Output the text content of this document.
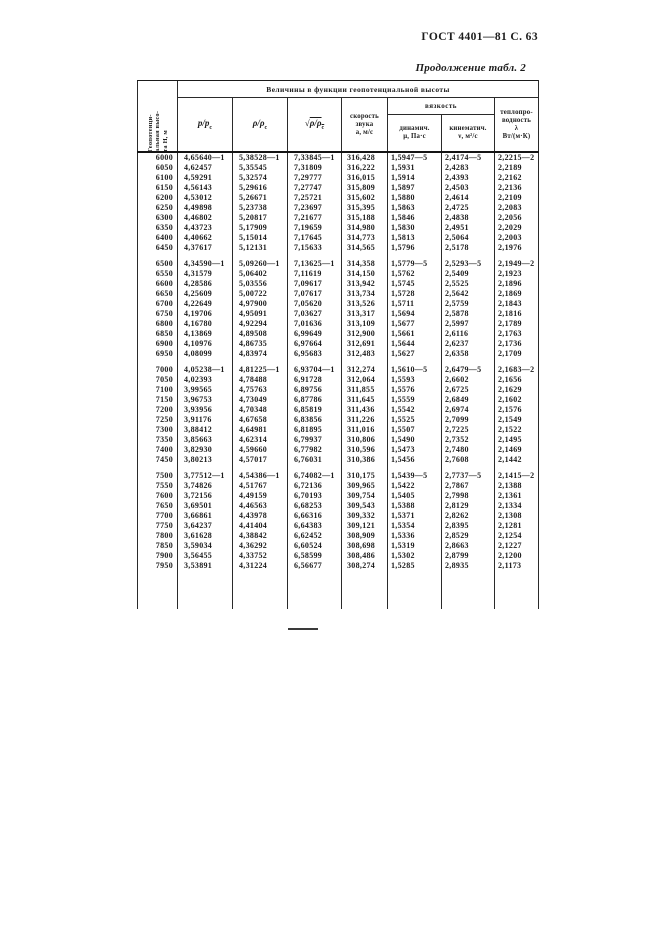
ГОСТ 4401—81 С. 63
Продолжение табл. 2
Геопотенци-
альная высо-
та Н, м	Величины в функции геопотенциальной высоты						
	$p/p_с$	$\rho/\rho_с$	$√\rho/\rho_с$	скорость
звука
а, м/с	вязкость		теплопро-
водность
λ
Вт/(м·К)
					динамич.
μ, Па·с	кинематич.
ν, м²/с	
6000	4,65640—1	5,38528—1	7,33845—1	316,428	1,5947—5	2,4174—5	2,2215—2
6050	4,62457	5,35545	7,31809	316,222	1,5931	2,4283	2,2189
6100	4,59291	5,32574	7,29777	316,015	1,5914	2,4393	2,2162
6150	4,56143	5,29616	7,27747	315,809	1,5897	2,4503	2,2136
6200	4,53012	5,26671	7,25721	315,602	1,5880	2,4614	2,2109
6250	4,49898	5,23738	7,23697	315,395	1,5863	2,4725	2,2083
6300	4,46802	5,20817	7,21677	315,188	1,5846	2,4838	2,2056
6350	4,43723	5,17909	7,19659	314,980	1,5830	2,4951	2,2029
6400	4,40662	5,15014	7,17645	314,773	1,5813	2,5064	2,2003
6450	4,37617	5,12131	7,15633	314,565	1,5796	2,5178	2,1976

6500	4,34590—1	5,09260—1	7,13625—1	314,358	1,5779—5	2,5293—5	2,1949—2
6550	4,31579	5,06402	7,11619	314,150	1,5762	2,5409	2,1923
6600	4,28586	5,03556	7,09617	313,942	1,5745	2,5525	2,1896
6650	4,25609	5,00722	7,07617	313,734	1,5728	2,5642	2,1869
6700	4,22649	4,97900	7,05620	313,526	1,5711	2,5759	2,1843
6750	4,19706	4,95091	7,03627	313,317	1,5694	2,5878	2,1816
6800	4,16780	4,92294	7,01636	313,109	1,5677	2,5997	2,1789
6850	4,13869	4,89508	6,99649	312,900	1,5661	2,6116	2,1763
6900	4,10976	4,86735	6,97664	312,691	1,5644	2,6237	2,1736
6950	4,08099	4,83974	6,95683	312,483	1,5627	2,6358	2,1709

7000	4,05238—1	4,81225—1	6,93704—1	312,274	1,5610—5	2,6479—5	2,1683—2
7050	4,02393	4,78488	6,91728	312,064	1,5593	2,6602	2,1656
7100	3,99565	4,75763	6,89756	311,855	1,5576	2,6725	2,1629
7150	3,96753	4,73049	6,87786	311,645	1,5559	2,6849	2,1602
7200	3,93956	4,70348	6,85819	311,436	1,5542	2,6974	2,1576
7250	3,91176	4,67658	6,83856	311,226	1,5525	2,7099	2,1549
7300	3,88412	4,64981	6,81895	311,016	1,5507	2,7225	2,1522
7350	3,85663	4,62314	6,79937	310,806	1,5490	2,7352	2,1495
7400	3,82930	4,59660	6,77982	310,596	1,5473	2,7480	2,1469
7450	3,80213	4,57017	6,76031	310,386	1,5456	2,7608	2,1442

7500	3,77512—1	4,54386—1	6,74082—1	310,175	1,5439—5	2,7737—5	2,1415—2
7550	3,74826	4,51767	6,72136	309,965	1,5422	2,7867	2,1388
7600	3,72156	4,49159	6,70193	309,754	1,5405	2,7998	2,1361
7650	3,69501	4,46563	6,68253	309,543	1,5388	2,8129	2,1334
7700	3,66861	4,43978	6,66316	309,332	1,5371	2,8262	2,1308
7750	3,64237	4,41404	6,64383	309,121	1,5354	2,8395	2,1281
7800	3,61628	4,38842	6,62452	308,909	1,5336	2,8529	2,1254
7850	3,59034	4,36292	6,60524	308,698	1,5319	2,8663	2,1227
7900	3,56455	4,33752	6,58599	308,486	1,5302	2,8799	2,1200
7950	3,53891	4,31224	6,56677	308,274	1,5285	2,8935	2,1173
